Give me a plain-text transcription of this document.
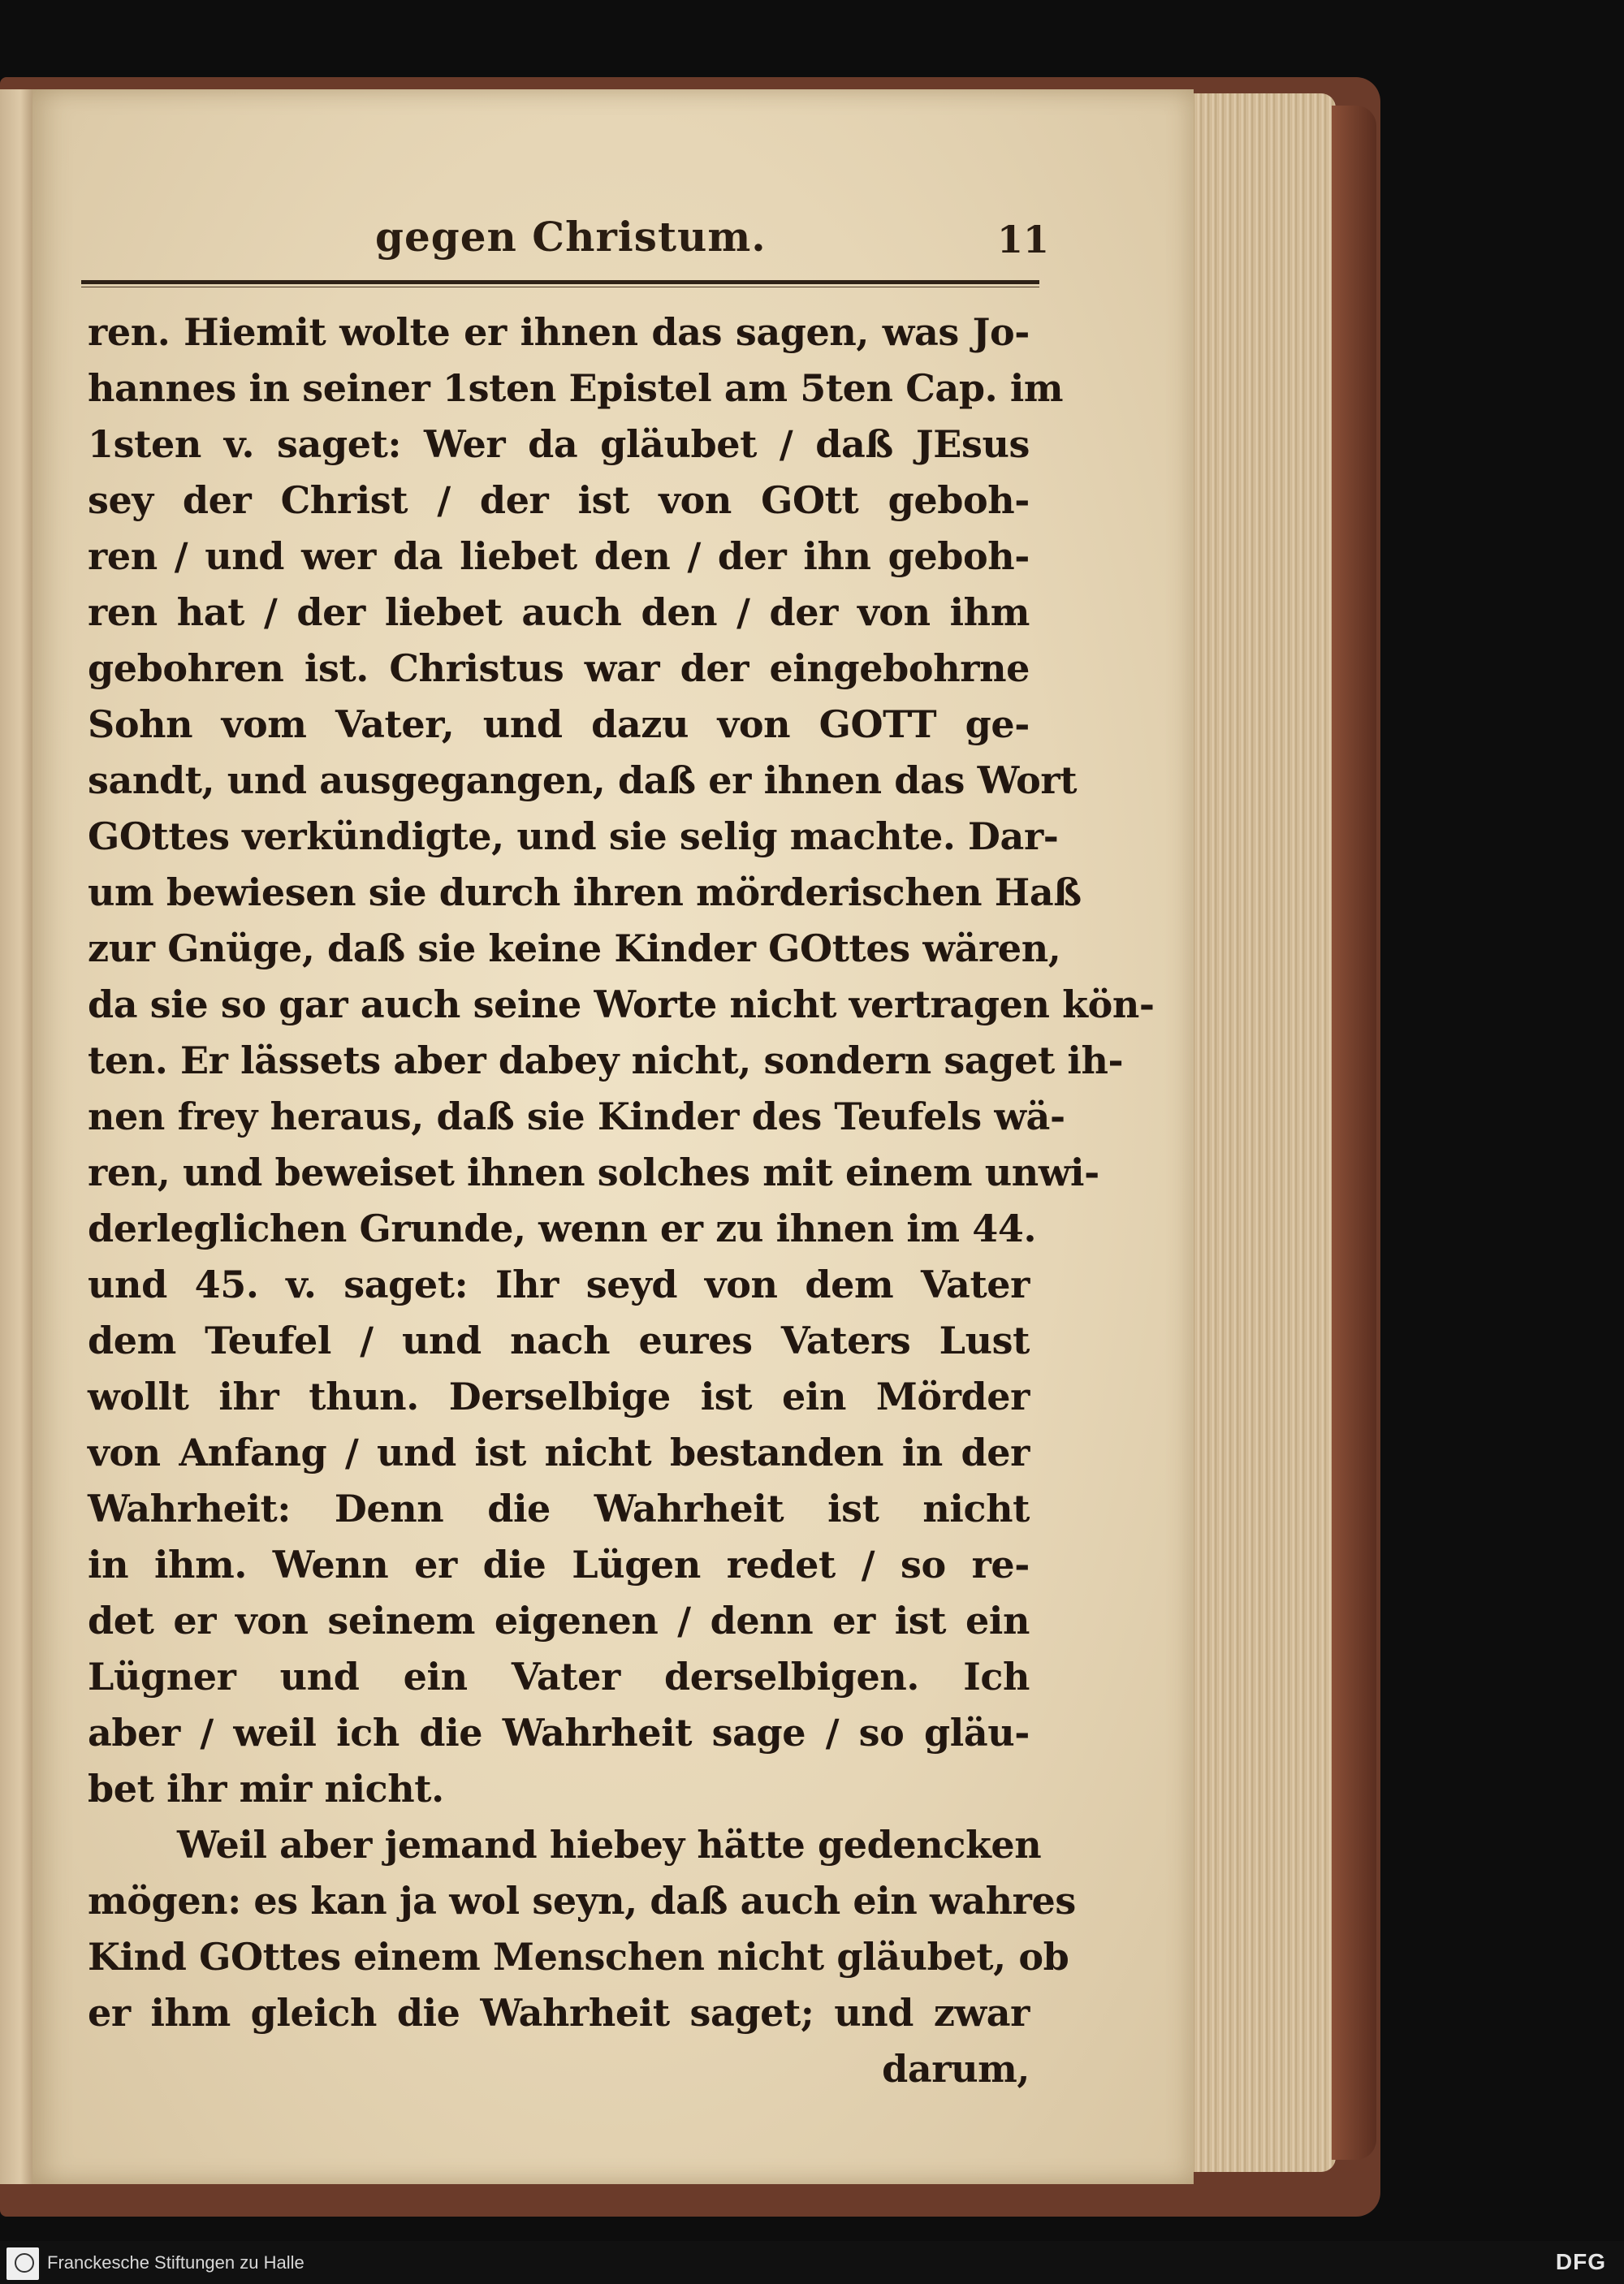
gegen Christum.	11
ren. Hiemit wolte er ihnen das sagen, was Jo-
hannes in seiner 1sten Epistel am 5ten Cap. im
1sten v. saget: Wer da gläubet / daß JEsus
sey der Christ / der ist von GOtt geboh-
ren / und wer da liebet den / der ihn geboh-
ren hat / der liebet auch den / der von ihm
gebohren ist. Christus war der eingebohrne
Sohn vom Vater, und dazu von GOTT ge-
sandt, und ausgegangen, daß er ihnen das Wort
GOttes verkündigte, und sie selig machte. Dar-
um bewiesen sie durch ihren mörderischen Haß
zur Gnüge, daß sie keine Kinder GOttes wären,
da sie so gar auch seine Worte nicht vertragen kön-
ten. Er lässets aber dabey nicht, sondern saget ih-
nen frey heraus, daß sie Kinder des Teufels wä-
ren, und beweiset ihnen solches mit einem unwi-
derleglichen Grunde, wenn er zu ihnen im 44.
und 45. v. saget: Ihr seyd von dem Vater
dem Teufel / und nach eures Vaters Lust
wollt ihr thun. Derselbige ist ein Mörder
von Anfang / und ist nicht bestanden in der
Wahrheit: Denn die Wahrheit ist nicht
in ihm. Wenn er die Lügen redet / so re-
det er von seinem eigenen / denn er ist ein
Lügner und ein Vater derselbigen. Ich
aber / weil ich die Wahrheit sage / so gläu-
bet ihr mir nicht.
Weil aber jemand hiebey hätte gedencken
mögen: es kan ja wol seyn, daß auch ein wahres
Kind GOttes einem Menschen nicht gläubet, ob
er ihm gleich die Wahrheit saget; und zwar
darum,
Franckesche Stiftungen zu Halle	DFG
